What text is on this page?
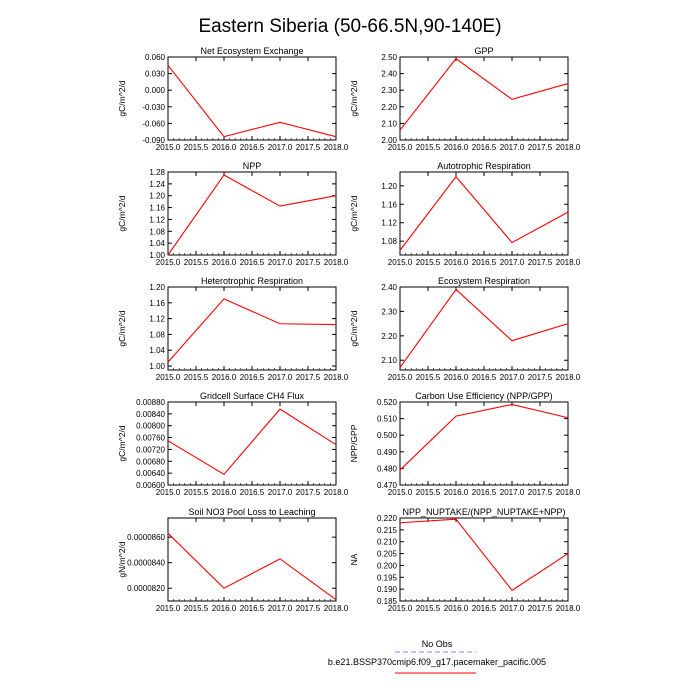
Eastern Siberia (50-66.5N,90-140E)
Net Ecosystem Exchange
2015.0 2015.5 2016.0 2016.5 2017.0 2017.5 2018.0
-0.090
-0.060
-0.030
0.000
0.030
0.060
gC/m^2/d
GPP
2015.0 2015.5 2016.0 2016.5 2017.0 2017.5 2018.0
2.00
2.10
2.20
2.30
2.40
2.50
gC/m^2/d
NPP
2015.0 2015.5 2016.0 2016.5 2017.0 2017.5 2018.0
1.00
1.04
1.08
1.12
1.16
1.20
1.24
1.28
gC/m^2/d
Autotrophic Respiration
2015.0 2015.5 2016.0 2016.5 2017.0 2017.5 2018.0
1.08
1.12
1.16
1.20
gC/m^2/d
Heterotrophic Respiration
2015.0 2015.5 2016.0 2016.5 2017.0 2017.5 2018.0
1.00
1.04
1.08
1.12
1.16
1.20
gC/m^2/d
Ecosystem Respiration
2015.0 2015.5 2016.0 2016.5 2017.0 2017.5 2018.0
2.10
2.20
2.30
2.40
gC/m^2/d
Gridcell Surface CH4 Flux
2015.0 2015.5 2016.0 2016.5 2017.0 2017.5 2018.0
0.00600
0.00640
0.00680
0.00720
0.00760
0.00800
0.00840
0.00880
gC/m^2/d
Carbon Use Efficiency (NPP/GPP)
2015.0 2015.5 2016.0 2016.5 2017.0 2017.5 2018.0
0.470
0.480
0.490
0.500
0.510
0.520
NPP/GPP
Soil NO3 Pool Loss to Leaching
2015.0 2015.5 2016.0 2016.5 2017.0 2017.5 2018.0
0.0000820
0.0000840
0.0000860
gN/m^2/d
NPP_NUPTAKE/(NPP_NUPTAKE+NPP)
2015.0 2015.5 2016.0 2016.5 2017.0 2017.5 2018.0
0.185
0.190
0.195
0.200
0.205
0.210
0.215
0.220
NA
No Obs
b.e21.BSSP370cmip6.f09_g17.pacemaker_pacific.005
